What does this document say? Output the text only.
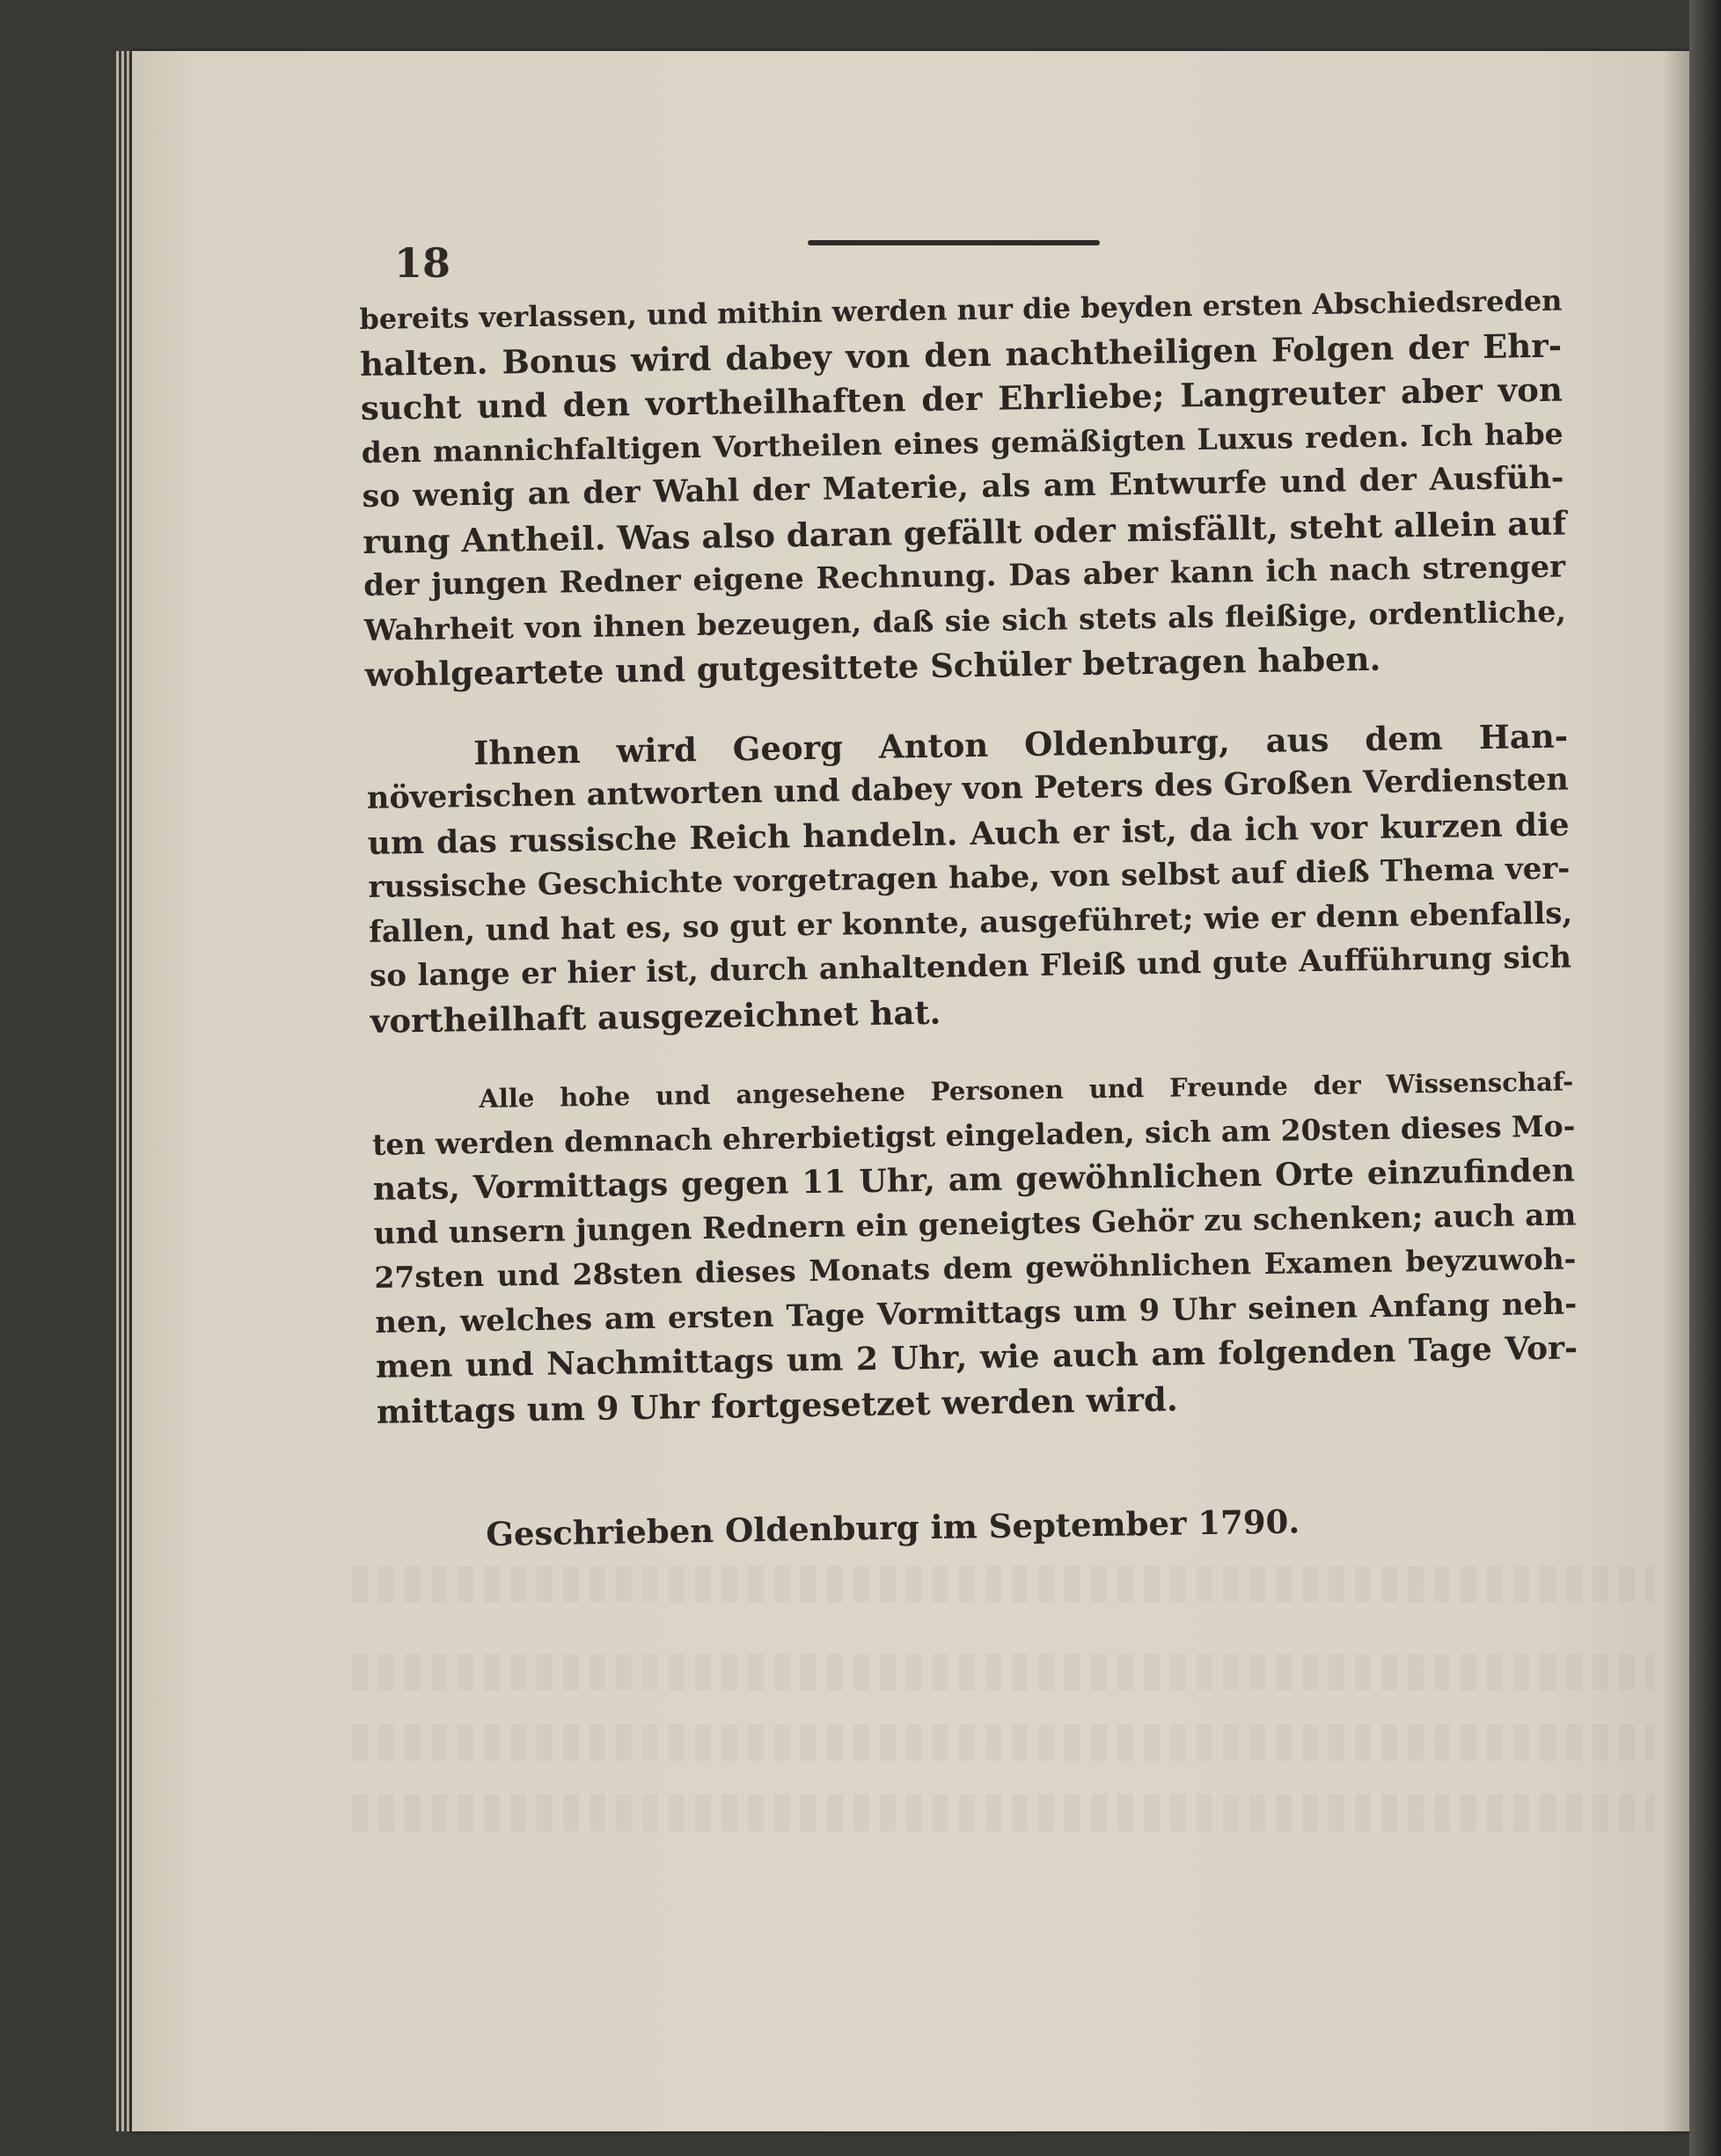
18

bereits verlassen, und mithin werden nur die beyden ersten Abschiedsreden
halten. Bonus wird dabey von den nachtheiligen Folgen der Ehr-
sucht und den vortheilhaften der Ehrliebe; Langreuter aber von
den mannichfaltigen Vortheilen eines gemäßigten Luxus reden. Ich habe
so wenig an der Wahl der Materie, als am Entwurfe und der Ausfüh-
rung Antheil. Was also daran gefällt oder misfällt, steht allein auf
der jungen Redner eigene Rechnung. Das aber kann ich nach strenger
Wahrheit von ihnen bezeugen, daß sie sich stets als fleißige, ordentliche,
wohlgeartete und gutgesittete Schüler betragen haben.
Ihnen wird Georg Anton Oldenburg, aus dem Han-
növerischen antworten und dabey von Peters des Großen Verdiensten
um das russische Reich handeln. Auch er ist, da ich vor kurzen die
russische Geschichte vorgetragen habe, von selbst auf dieß Thema ver-
fallen, und hat es, so gut er konnte, ausgeführet; wie er denn ebenfalls,
so lange er hier ist, durch anhaltenden Fleiß und gute Aufführung sich
vortheilhaft ausgezeichnet hat.
Alle hohe und angesehene Personen und Freunde der Wissenschaf-
ten werden demnach ehrerbietigst eingeladen, sich am 20sten dieses Mo-
nats, Vormittags gegen 11 Uhr, am gewöhnlichen Orte einzufinden
und unsern jungen Rednern ein geneigtes Gehör zu schenken; auch am
27sten und 28sten dieses Monats dem gewöhnlichen Examen beyzuwoh-
nen, welches am ersten Tage Vormittags um 9 Uhr seinen Anfang neh-
men und Nachmittags um 2 Uhr, wie auch am folgenden Tage Vor-
mittags um 9 Uhr fortgesetzet werden wird.

Geschrieben Oldenburg im September 1790.
